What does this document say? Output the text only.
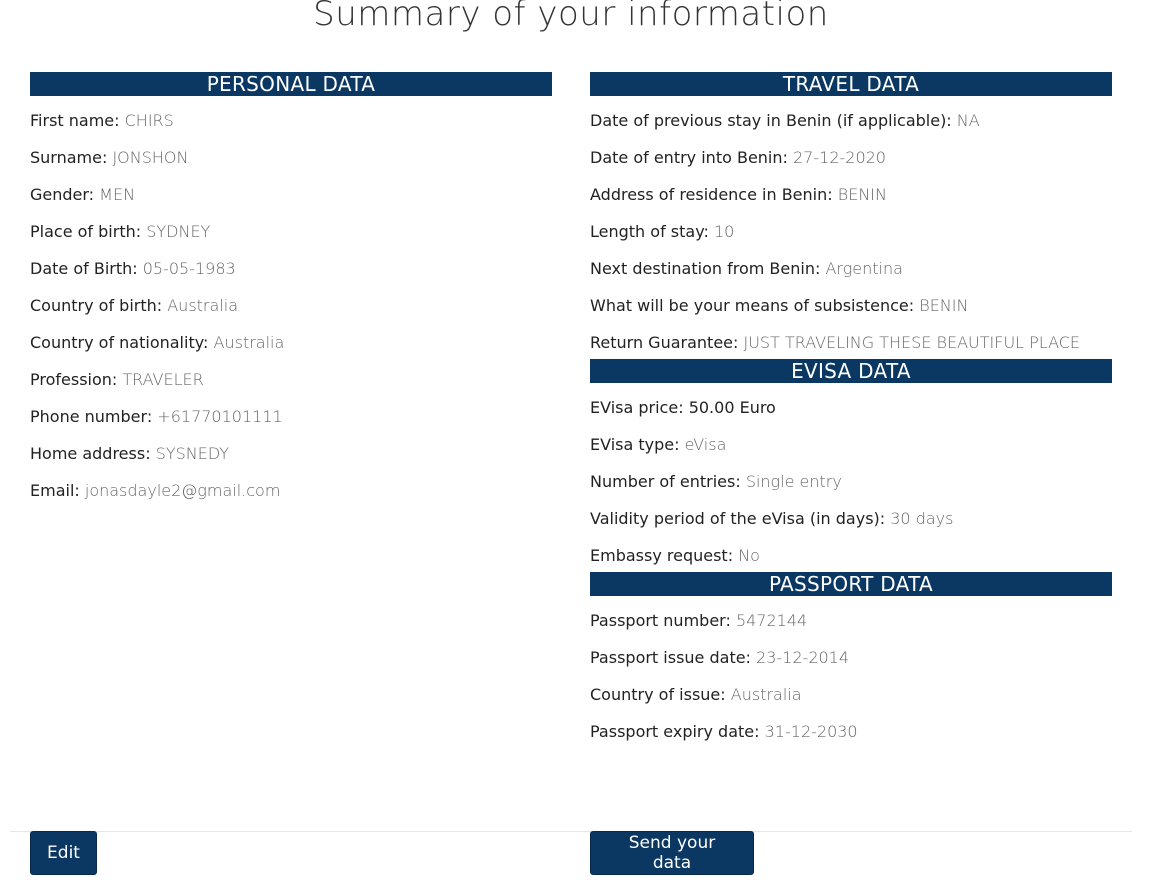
Summary of your information
PERSONAL DATA
First name: CHIRS
Surname: JONSHON
Gender: MEN
Place of birth: SYDNEY
Date of Birth: 05-05-1983
Country of birth: Australia
Country of nationality: Australia
Profession: TRAVELER
Phone number: +61770101111
Home address: SYSNEDY
Email: jonasdayle2@gmail.com
TRAVEL DATA
Date of previous stay in Benin (if applicable): NA
Date of entry into Benin: 27-12-2020
Address of residence in Benin: BENIN
Length of stay: 10
Next destination from Benin: Argentina
What will be your means of subsistence: BENIN
Return Guarantee: JUST TRAVELING THESE BEAUTIFUL PLACE
EVISA DATA
EVisa price: 50.00 Euro
EVisa type: eVisa
Number of entries: Single entry
Validity period of the eVisa (in days): 30 days
Embassy request: No
PASSPORT DATA
Passport number: 5472144
Passport issue date: 23-12-2014
Country of issue: Australia
Passport expiry date: 31-12-2030
Edit	Send your data
